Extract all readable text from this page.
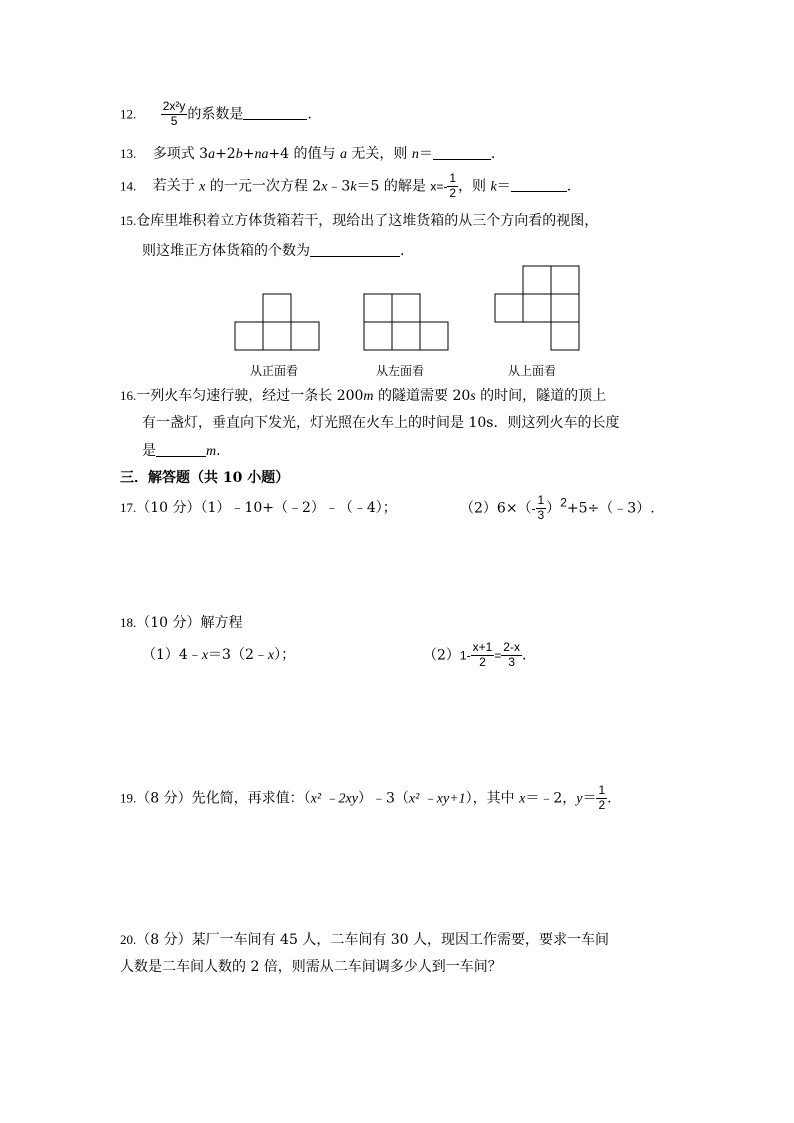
12. $\frac{\text{2x²y}}{5}$ 的系数是	.
13. 多项式 3a+2b+na+4 的值与 a 无关，则 n＝	.
14. 若关于 x 的一元一次方程 2x﹣3k＝5 的解是 $x=- \frac{1}{2}$ ，则 k＝	.
15.仓库里堆积着立方体货箱若干，现给出了这堆货箱的从三个方向看的视图，
则这堆正方体货箱的个数为	.
从正面看	从左面看	从上面看
16.一列火车匀速行驶，经过一条长 200m 的隧道需要 20s 的时间，隧道的顶上
有一盏灯，垂直向下发光，灯光照在火车上的时间是 10s．则这列火车的长度
是	m.
三．解答题（共 10 小题）
17.（10 分）（1）﹣10+（﹣2）﹣（﹣4）；	$(2)6\times(- \frac{1}{3}$ ）$^2$+5÷（﹣3）.
18.（10 分）解方程
（1）4﹣x＝3（2﹣x）；	$(2)1- \frac{x+1}{2} = \frac{2-x}{3}$ .
19.（8 分）先化简，再求值：（x² ﹣2xy）﹣3（x² ﹣xy+1），其中 x＝﹣2，$y= \frac{1}{2}$ .
20.（8 分）某厂一车间有 45 人，二车间有 30 人，现因工作需要，要求一车间
人数是二车间人数的 2 倍，则需从二车间调多少人到一车间？
